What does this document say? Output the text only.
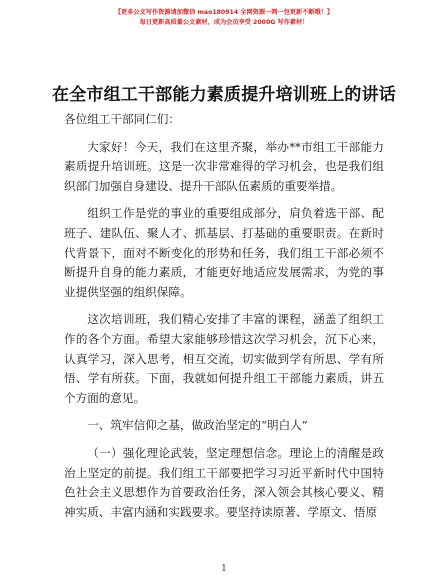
【更多公文写作资源请加微信 mao180914 全网资源一网一包更新不断哦！】
每日更新高质量公文素材，成为会员享受 2000G 写作素材！
在全市组工干部能力素质提升培训班上的讲话

各位组工干部同仁们：

大家好！今天，我们在这里齐聚，举办**市组工干部能力素质提升培训班。这是一次非常难得的学习机会，也是我们组织部门加强自身建设、提升干部队伍素质的重要举措。

组织工作是党的事业的重要组成部分，肩负着选干部、配班子、建队伍、聚人才、抓基层、打基础的重要职责。在新时代背景下，面对不断变化的形势和任务，我们组工干部必须不断提升自身的能力素质，才能更好地适应发展需求，为党的事业提供坚强的组织保障。

这次培训班，我们精心安排了丰富的课程，涵盖了组织工作的各个方面。希望大家能够珍惜这次学习机会，沉下心来，认真学习，深入思考，相互交流，切实做到学有所思、学有所悟、学有所获。下面，我就如何提升组工干部能力素质，讲五个方面的意见。

一、筑牢信仰之基，做政治坚定的“明白人”

（一）强化理论武装，坚定理想信念。理论上的清醒是政治上坚定的前提。我们组工干部要把学习习近平新时代中国特色社会主义思想作为首要政治任务，深入领会其核心要义、精神实质、丰富内涵和实践要求。要坚持读原著、学原文、悟原

1
